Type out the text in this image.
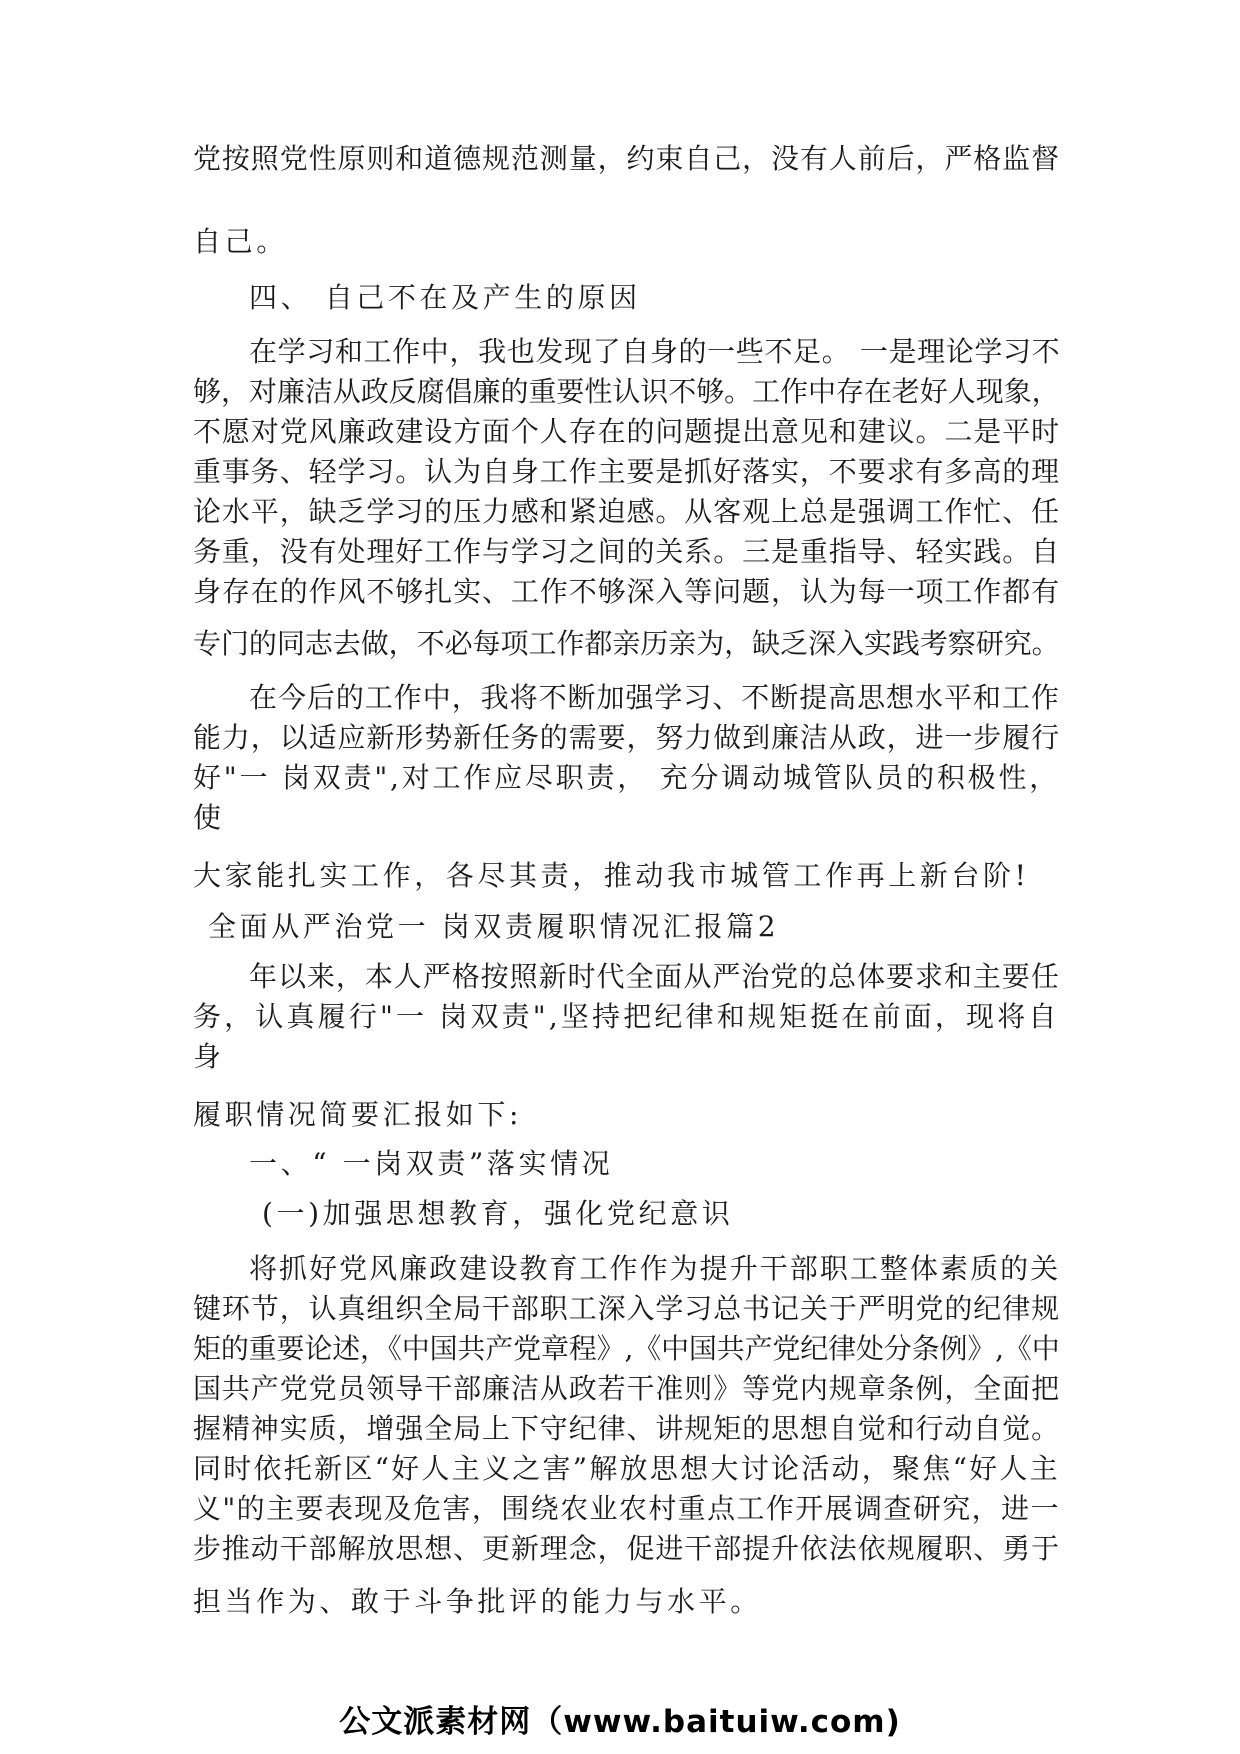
党按照党性原则和道德规范测量，约束自己，没有人前后，严格监督
自己。
四、 自己不在及产生的原因
在学习和工作中，我也发现了自身的一些不足。 一是理论学习不
够，对廉洁从政反腐倡廉的重要性认识不够。工作中存在老好人现象，
不愿对党风廉政建设方面个人存在的问题提出意见和建议。二是平时
重事务、轻学习。认为自身工作主要是抓好落实，不要求有多高的理
论水平，缺乏学习的压力感和紧迫感。从客观上总是强调工作忙、任
务重，没有处理好工作与学习之间的关系。三是重指导、轻实践。自
身存在的作风不够扎实、工作不够深入等问题，认为每一项工作都有
专门的同志去做，不必每项工作都亲历亲为，缺乏深入实践考察研究。
在今后的工作中，我将不断加强学习、不断提高思想水平和工作
能力，以适应新形势新任务的需要，努力做到廉洁从政，进一步履行
好"一 岗双责",对工作应尽职责， 充分调动城管队员的积极性，
使
大家能扎实工作，各尽其责，推动我市城管工作再上新台阶!
全面从严治党一 岗双责履职情况汇报篇2
年以来，本人严格按照新时代全面从严治党的总体要求和主要任
务，认真履行"一 岗双责",坚持把纪律和规矩挺在前面，现将自
身
履职情况简要汇报如下:
一、“ 一岗双责”落实情况
(一)加强思想教育，强化党纪意识
将抓好党风廉政建设教育工作作为提升干部职工整体素质的关
键环节，认真组织全局干部职工深入学习总书记关于严明党的纪律规
矩的重要论述，《中国共产党章程》,《中国共产党纪律处分条例》,《中
国共产党党员领导干部廉洁从政若干准则》等党内规章条例，全面把
握精神实质，增强全局上下守纪律、讲规矩的思想自觉和行动自觉。
同时依托新区“好人主义之害”解放思想大讨论活动，聚焦“好人主
义"的主要表现及危害，围绕农业农村重点工作开展调查研究，进一
步推动干部解放思想、更新理念，促进干部提升依法依规履职、勇于
担当作为、敢于斗争批评的能力与水平。
公文派素材网（www.baituiw.com)
